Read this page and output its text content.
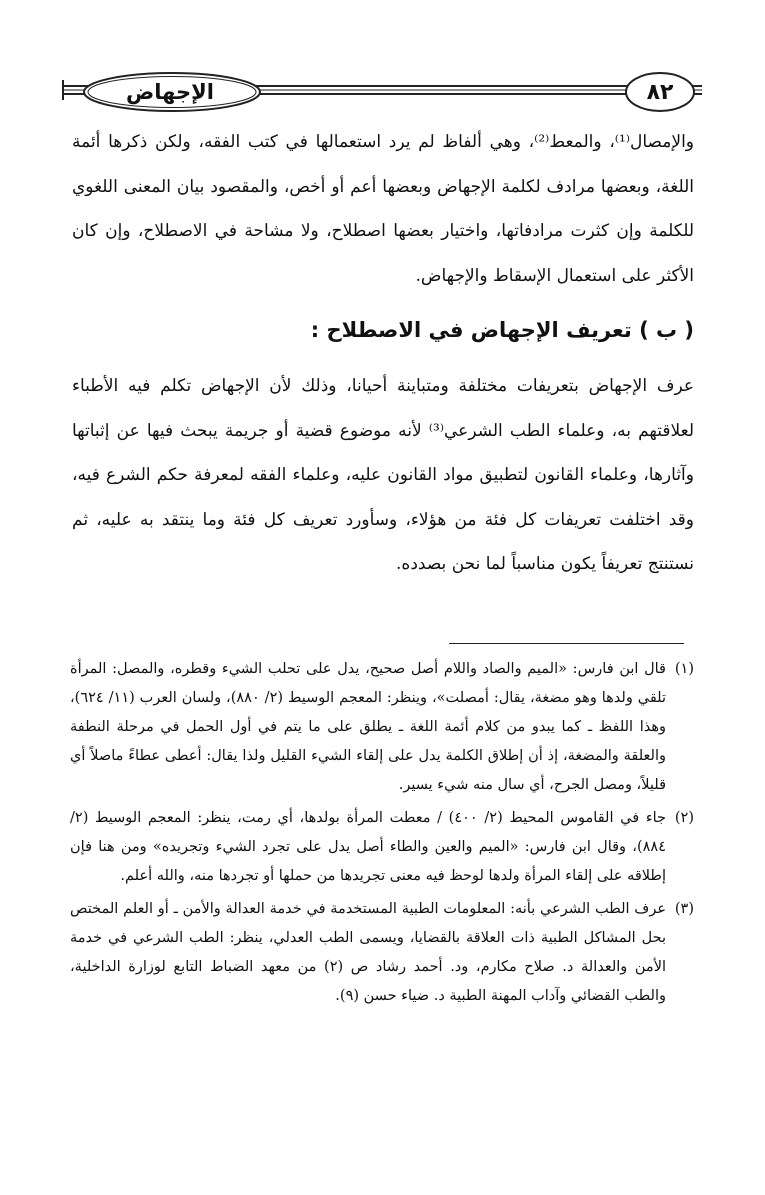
٨٢
الإجهاض
والإمصال⁽¹⁾، والمعط⁽²⁾، وهي ألفاظ لم يرد استعمالها في كتب الفقه، ولكن ذكرها أئمة اللغة، وبعضها مرادف لكلمة الإجهاض وبعضها أعم أو أخص، والمقصود بيان المعنى اللغوي للكلمة وإن كثرت مرادفاتها، واختيار بعضها اصطلاح، ولا مشاحة في الاصطلاح، وإن كان الأكثر على استعمال الإسقاط والإجهاض.
( ب ) تعريف الإجهاض في الاصطلاح :
عرف الإجهاض بتعريفات مختلفة ومتباينة أحيانا، وذلك لأن الإجهاض تكلم فيه الأطباء لعلاقتهم به، وعلماء الطب الشرعي⁽³⁾ لأنه موضوع قضية أو جريمة يبحث فيها عن إثباتها وآثارها، وعلماء القانون لتطبيق مواد القانون عليه، وعلماء الفقه لمعرفة حكم الشرع فيه، وقد اختلفت تعريفات كل فئة من هؤلاء، وسأورد تعريف كل فئة وما ينتقد به عليه، ثم نستنتج تعريفاً يكون مناسباً لما نحن بصدده.
(١)
قال ابن فارس: «الميم والصاد واللام أصل صحيح، يدل على تحلب الشيء وقطره، والمصل: المرأة تلقي ولدها وهو مضغة، يقال: أمصلت»، وينظر: المعجم الوسيط (٢/ ٨٨٠)، ولسان العرب (١١/ ٦٢٤)، وهذا اللفظ ـ كما يبدو من كلام أئمة اللغة ـ يطلق على ما يتم في أول الحمل في مرحلة النطفة والعلقة والمضغة، إذ أن إطلاق الكلمة يدل على إلقاء الشيء القليل ولذا يقال: أعطى عطاءً ماصلاً أي قليلاً، ومصل الجرح، أي سال منه شيء يسير.
(٢)
جاء في القاموس المحيط (٢/ ٤٠٠) / معطت المرأة بولدها، أي رمت، ينظر: المعجم الوسيط (٢/ ٨٨٤)، وقال ابن فارس: «الميم والعين والطاء أصل يدل على تجرد الشيء وتجريده» ومن هنا فإن إطلاقه على إلقاء المرأة ولدها لوحظ فيه معنى تجريدها من حملها أو تجردها منه، والله أعلم.
(٣)
عرف الطب الشرعي بأنه: المعلومات الطبية المستخدمة في خدمة العدالة والأمن ـ أو العلم المختص بحل المشاكل الطبية ذات العلاقة بالقضايا، ويسمى الطب العدلي، ينظر: الطب الشرعي في خدمة الأمن والعدالة د. صلاح مكارم، ود. أحمد رشاد ص (٢) من معهد الضباط التابع لوزارة الداخلية، والطب القضائي وآداب المهنة الطبية د. ضياء حسن (٩).
